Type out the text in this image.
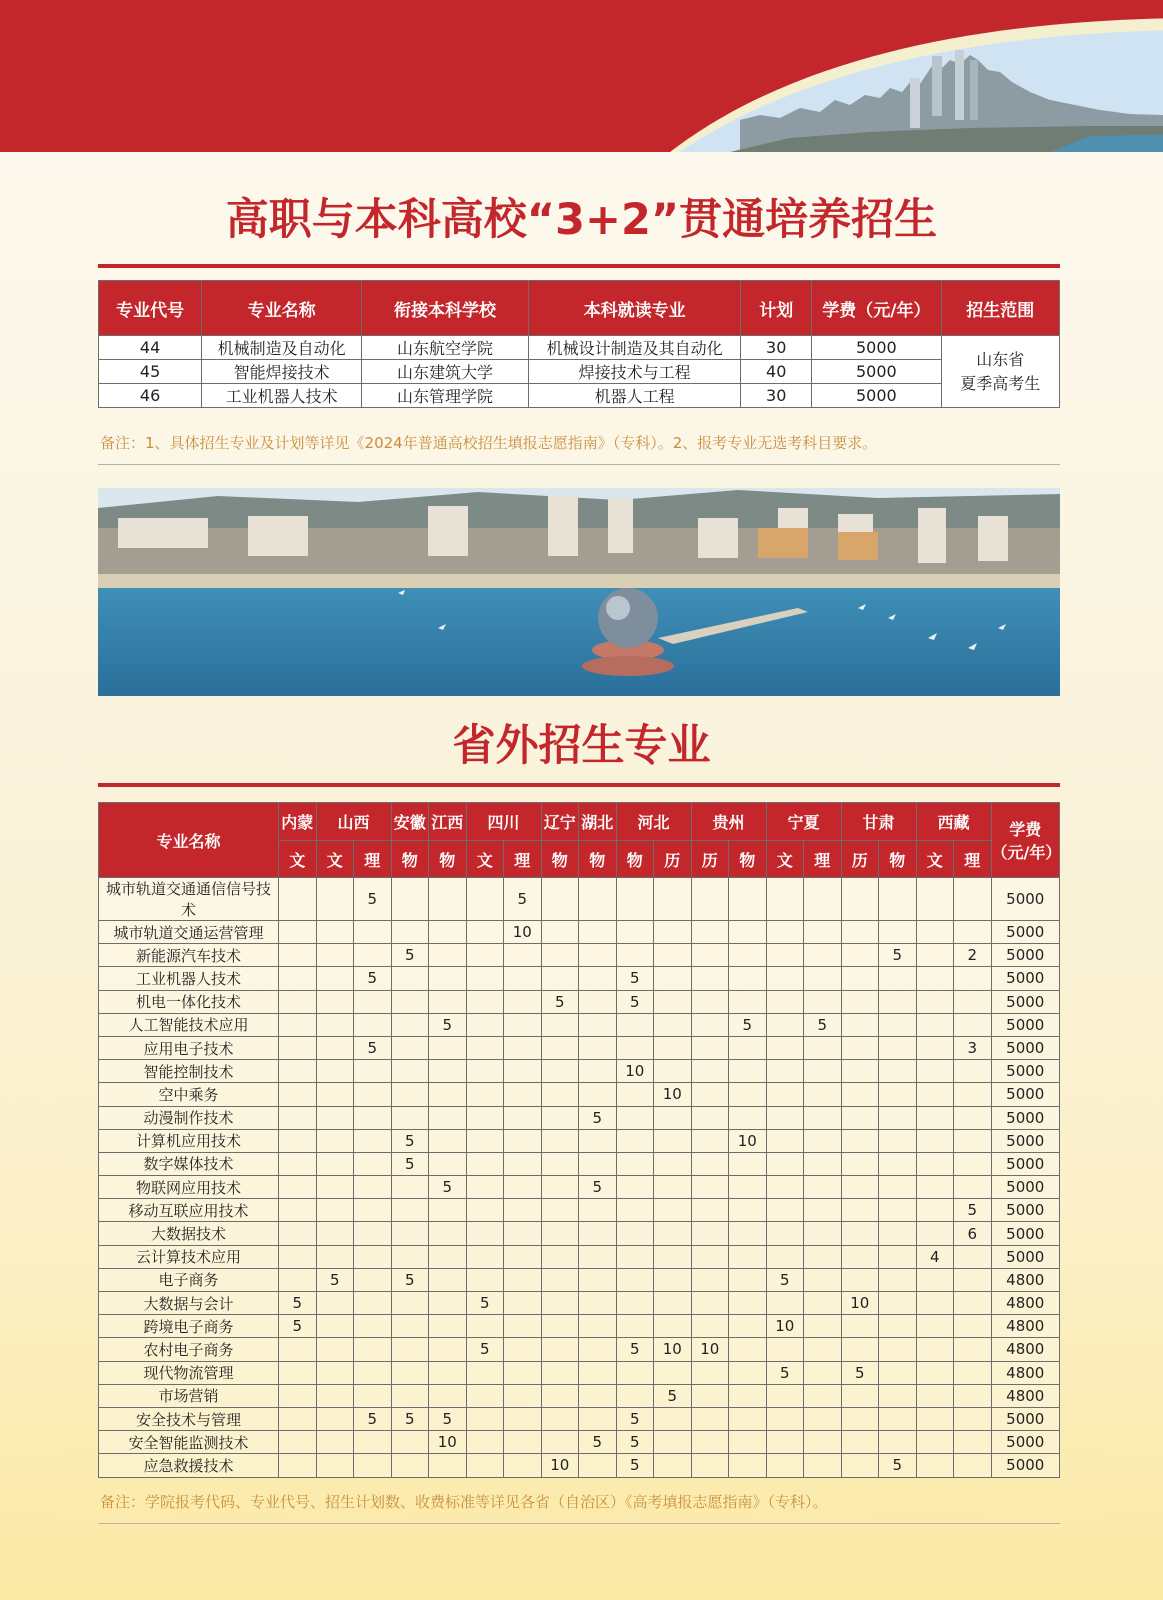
高职与本科高校“3+2”贯通培养招生
专业代号	专业名称	衔接本科学校	本科就读专业	计划	学费（元/年）	招生范围
44	机械制造及自动化	山东航空学院	机械设计制造及其自动化	30	5000	山东省
夏季高考生

45	智能焊接技术	山东建筑大学	焊接技术与工程	40	5000	
46	工业机器人技术	山东管理学院	机器人工程	30	5000	
备注：1、具体招生专业及计划等详见《2024年普通高校招生填报志愿指南》（专科）。2、报考专业无选考科目要求。
省外招生专业
专业名称	内蒙	山西		安徽	江西	四川		辽宁	湖北	河北		贵州		宁夏		甘肃		西藏		学费
（元/年）

	文	文	理	物	物	文	理	物	物	物	历	历	物	文	理	历	物	文	理	
城市轨道交通通信信号技术			5				5													5000
城市轨道交通运营管理							10													5000
新能源汽车技术				5													5		2	5000
工业机器人技术			5							5										5000
机电一体化技术								5		5										5000
人工智能技术应用					5								5		5					5000
应用电子技术			5																3	5000
智能控制技术										10										5000
空中乘务											10									5000
动漫制作技术									5											5000
计算机应用技术				5									10							5000
数字媒体技术				5																5000
物联网应用技术					5				5											5000
移动互联应用技术																			5	5000
大数据技术																			6	5000
云计算技术应用																		4		5000
电子商务		5		5										5						4800
大数据与会计	5					5										10				4800
跨境电子商务	5													10						4800
农村电子商务						5				5	10	10								4800
现代物流管理														5		5				4800
市场营销											5									4800
安全技术与管理			5	5	5					5										5000
安全智能监测技术					10				5	5										5000
应急救援技术								10		5							5			5000
备注：学院报考代码、专业代号、招生计划数、收费标准等详见各省（自治区）《高考填报志愿指南》（专科）。
